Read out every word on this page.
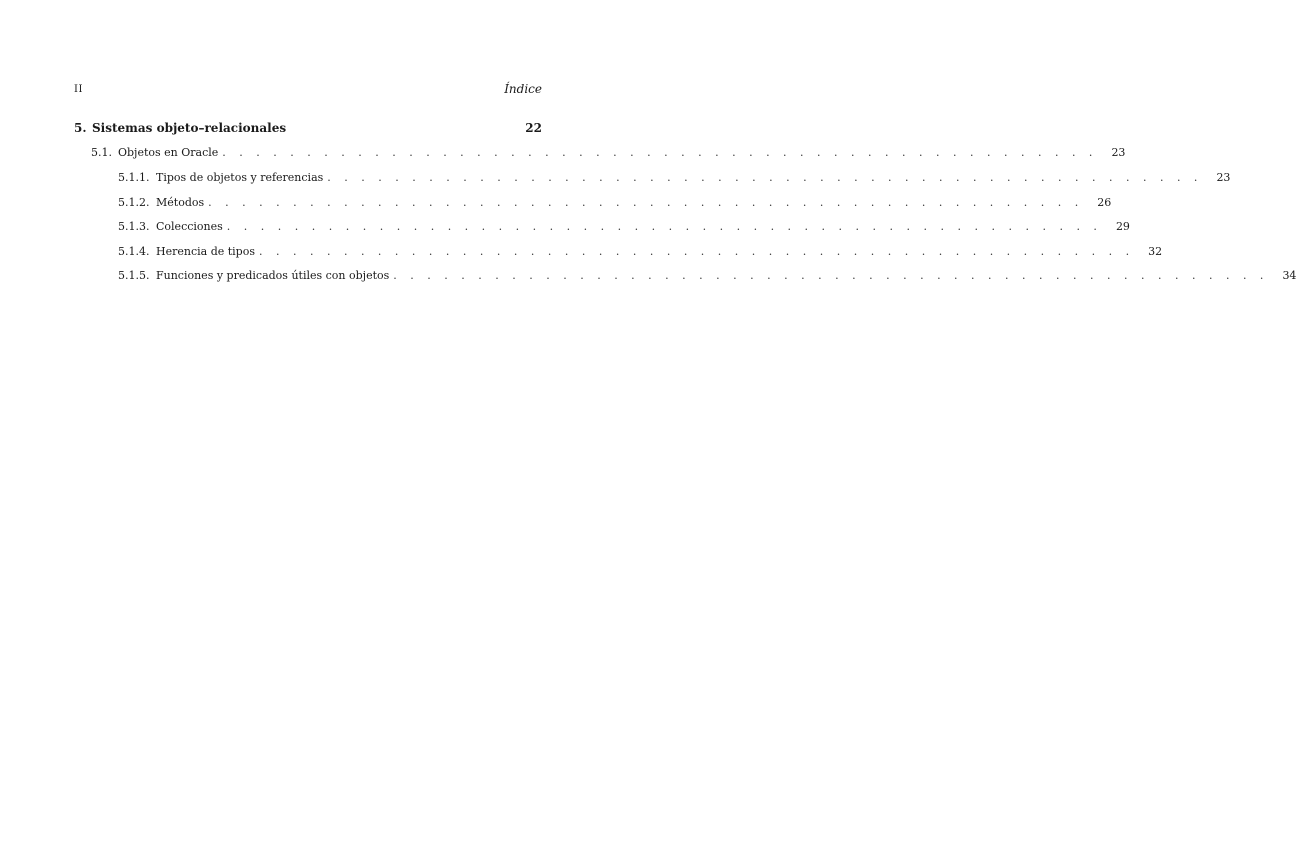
II	Índice
5. Sistemas objeto–relacionales	22
5.1. Objetos en Oracle . . . . . . . . . . . . . . . . . . . . . . . . . . . . . . . . . . . . . . . . . . . . . . . . . . . .	23
5.1.1. Tipos de objetos y referencias . . . . . . . . . . . . . . . . . . . . . . . . . . . . . . . . . . . . . . . . . . . . . . . . . . . .	23
5.1.2. Métodos . . . . . . . . . . . . . . . . . . . . . . . . . . . . . . . . . . . . . . . . . . . . . . . . . . . .	26
5.1.3. Colecciones . . . . . . . . . . . . . . . . . . . . . . . . . . . . . . . . . . . . . . . . . . . . . . . . . . . .	29
5.1.4. Herencia de tipos . . . . . . . . . . . . . . . . . . . . . . . . . . . . . . . . . . . . . . . . . . . . . . . . . . . .	32
5.1.5. Funciones y predicados útiles con objetos . . . . . . . . . . . . . . . . . . . . . . . . . . . . . . . . . . . . . . . . . . . . . . . . . . . .	34
